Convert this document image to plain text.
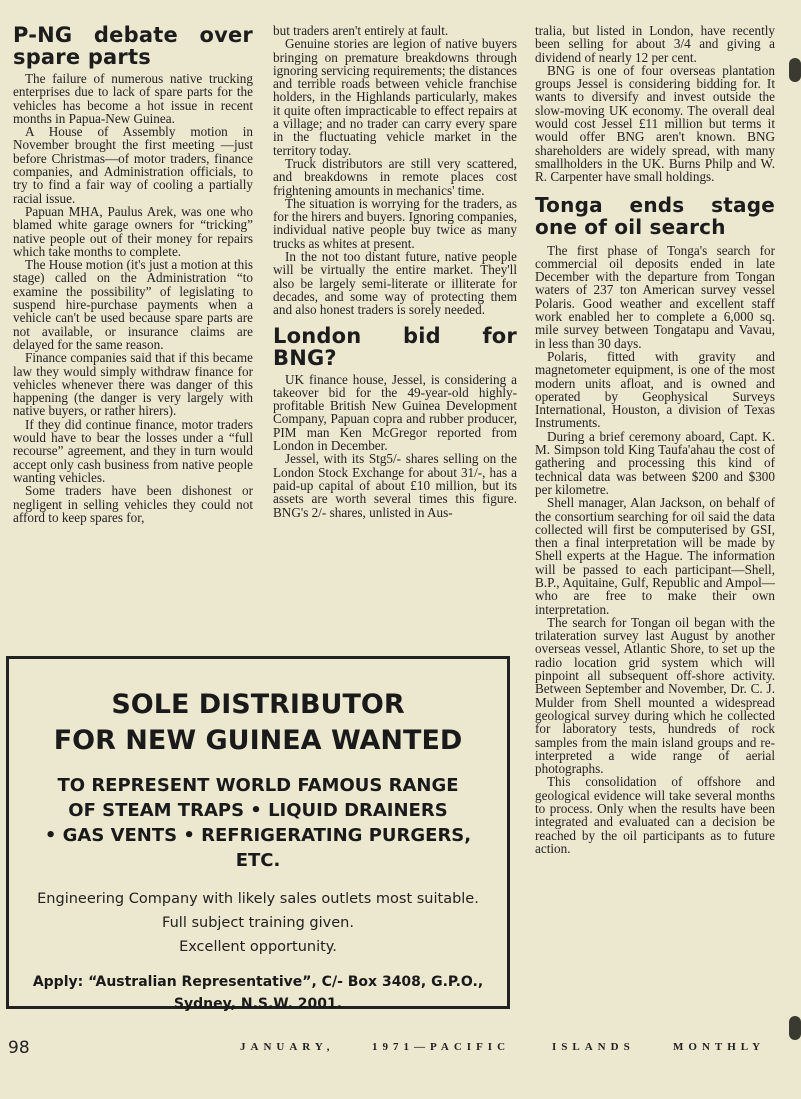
P-NG debate over spare parts

The failure of numerous native trucking enterprises due to lack of spare parts for the vehicles has become a hot issue in recent months in Papua-New Guinea.

A House of Assembly motion in November brought the first meeting —just before Christmas—of motor traders, finance companies, and Administration officials, to try to find a fair way of cooling a partially racial issue.

Papuan MHA, Paulus Arek, was one who blamed white garage owners for “tricking” native people out of their money for repairs which take months to complete.

The House motion (it's just a motion at this stage) called on the Administration “to examine the possibility” of legislating to suspend hire-purchase payments when a vehicle can't be used because spare parts are not available, or insurance claims are delayed for the same reason.

Finance companies said that if this became law they would simply withdraw finance for vehicles whenever there was danger of this happening (the danger is very largely with native buyers, or rather hirers).

If they did continue finance, motor traders would have to bear the losses under a “full recourse” agreement, and they in turn would accept only cash business from native people wanting vehicles.

Some traders have been dishonest or negligent in selling vehicles they could not afford to keep spares for,

but traders aren't entirely at fault.

Genuine stories are legion of native buyers bringing on premature breakdowns through ignoring servicing requirements; the distances and terrible roads between vehicle franchise holders, in the Highlands particularly, makes it quite often impracticable to effect repairs at a village; and no trader can carry every spare in the fluctuating vehicle market in the territory today.

Truck distributors are still very scattered, and breakdowns in remote places cost frightening amounts in mechanics' time.

The situation is worrying for the traders, as for the hirers and buyers. Ignoring companies, individual native people buy twice as many trucks as whites at present.

In the not too distant future, native people will be virtually the entire market. They'll also be largely semi-literate or illiterate for decades, and some way of protecting them and also honest traders is sorely needed.

London bid for BNG?

UK finance house, Jessel, is considering a takeover bid for the 49-year-old highly-profitable British New Guinea Development Company, Papuan copra and rubber producer, PIM man Ken McGregor reported from London in December.

Jessel, with its Stg5/- shares selling on the London Stock Exchange for about 31/-, has a paid-up capital of about £10 million, but its assets are worth several times this figure. BNG's 2/- shares, unlisted in Aus-

tralia, but listed in London, have recently been selling for about 3/4 and giving a dividend of nearly 12 per cent.

BNG is one of four overseas plantation groups Jessel is considering bidding for. It wants to diversify and invest outside the slow-moving UK economy. The overall deal would cost Jessel £11 million but terms it would offer BNG aren't known. BNG shareholders are widely spread, with many smallholders in the UK. Burns Philp and W. R. Carpenter have small holdings.

Tonga ends stage one of oil search

The first phase of Tonga's search for commercial oil deposits ended in late December with the departure from Tongan waters of 237 ton American survey vessel Polaris. Good weather and excellent staff work enabled her to complete a 6,000 sq. mile survey between Tongatapu and Vavau, in less than 30 days.

Polaris, fitted with gravity and magnetometer equipment, is one of the most modern units afloat, and is owned and operated by Geophysical Surveys International, Houston, a division of Texas Instruments.

During a brief ceremony aboard, Capt. K. M. Simpson told King Taufa'ahau the cost of gathering and processing this kind of technical data was between $200 and $300 per kilometre.

Shell manager, Alan Jackson, on behalf of the consortium searching for oil said the data collected will first be computerised by GSI, then a final interpretation will be made by Shell experts at the Hague. The information will be passed to each participant—Shell, B.P., Aquitaine, Gulf, Republic and Ampol—who are free to make their own interpretation.

The search for Tongan oil began with the trilateration survey last August by another overseas vessel, Atlantic Shore, to set up the radio location grid system which will pinpoint all subsequent off-shore activity. Between September and November, Dr. C. J. Mulder from Shell mounted a widespread geological survey during which he collected for laboratory tests, hundreds of rock samples from the main island groups and re-interpreted a wide range of aerial photographs.

This consolidation of offshore and geological evidence will take several months to process. Only when the results have been integrated and evaluated can a decision be reached by the oil participants as to future action.

SOLE DISTRIBUTOR
FOR NEW GUINEA WANTED
TO REPRESENT WORLD FAMOUS RANGE
OF STEAM TRAPS • LIQUID DRAINERS
• GAS VENTS • REFRIGERATING PURGERS,
ETC.
Engineering Company with likely sales outlets most suitable.
Full subject training given.
Excellent opportunity.
Apply: “Australian Representative”, C/- Box 3408, G.P.O.,
Sydney, N.S.W. 2001.
98	JANUARY,	1971—PACIFIC	ISLANDS	MONTHLY
